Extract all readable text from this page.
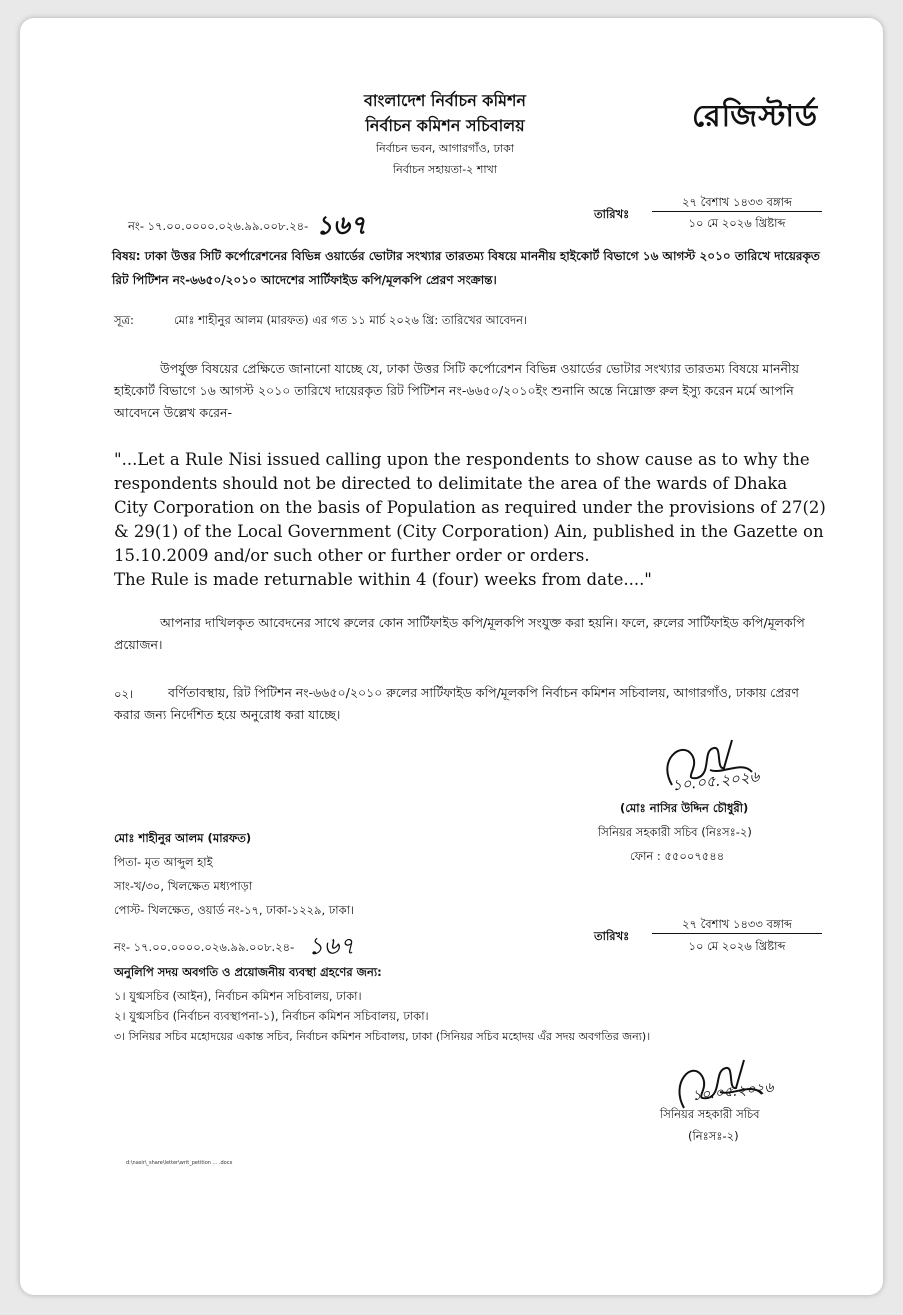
বাংলাদেশ নির্বাচন কমিশন
নির্বাচন কমিশন সচিবালয়
নির্বাচন ভবন, আগারগাঁও, ঢাকা
নির্বাচন সহায়তা-২ শাখা
রেজিস্টার্ড
নং- ১৭.০০.০০০০.০২৬.৯৯.০০৮.২৪- ১৬৭	তারিখঃ
২৭ বৈশাখ ১৪৩৩ বঙ্গাব্দ
১০ মে ২০২৬ খ্রিষ্টাব্দ
বিষয়: ঢাকা উত্তর সিটি কর্পোরেশনের বিভিন্ন ওয়ার্ডের ভোটার সংখ্যার তারতম্য বিষয়ে মাননীয় হাইকোর্ট বিভাগে ১৬ আগস্ট ২০১০ তারিখে দায়েরকৃত রিট পিটিশন নং-৬৬৫০/২০১০ আদেশের সার্টিফাইড কপি/মূলকপি প্রেরণ সংক্রান্ত।
সূত্র:	মোঃ শাহীনুর আলম (মারফত) এর গত ১১ মার্চ ২০২৬ খ্রি: তারিখের আবেদন।
উপর্যুক্ত বিষয়ের প্রেক্ষিতে জানানো যাচ্ছে যে, ঢাকা উত্তর সিটি কর্পোরেশন বিভিন্ন ওয়ার্ডের ভোটার সংখ্যার তারতম্য বিষয়ে মাননীয় হাইকোর্ট বিভাগে ১৬ আগস্ট ২০১০ তারিখে দায়েরকৃত রিট পিটিশন নং-৬৬৫০/২০১০ইং শুনানি অন্তে নিম্নোক্ত রুল ইস্যু করেন মর্মে আপনি আবেদনে উল্লেখ করেন-
"...Let a Rule Nisi issued calling upon the respondents to show cause as to why the respondents should not be directed to delimitate the area of the wards of Dhaka City Corporation on the basis of Population as required under the provisions of 27(2) & 29(1) of the Local Government (City Corporation) Ain, published in the Gazette on 15.10.2009 and/or such other or further order or orders.
The Rule is made returnable within 4 (four) weeks from date...."
আপনার দাখিলকৃত আবেদনের সাথে রুলের কোন সার্টিফাইড কপি/মূলকপি সংযুক্ত করা হয়নি। ফলে, রুলের সার্টিফাইড কপি/মূলকপি প্রয়োজন।
০২।	বর্ণিতাবস্থায়, রিট পিটিশন নং-৬৬৫০/২০১০ রুলের সার্টিফাইড কপি/মূলকপি নির্বাচন কমিশন সচিবালয়, আগারগাঁও, ঢাকায় প্রেরণ করার জন্য নির্দেশিত হয়ে অনুরোধ করা যাচ্ছে।
১০.০৫.২০২৬
(মোঃ নাসির উদ্দিন চৌধুরী)
সিনিয়র সহকারী সচিব (নিঃসঃ-২)
ফোন : ৫৫০০৭৫৪৪
মোঃ শাহীনুর আলম (মারফত)
পিতা- মৃত আব্দুল হাই
সাং-খ/৩০, খিলক্ষেত মধ্যপাড়া
পোস্ট- খিলক্ষেত, ওয়ার্ড নং-১৭, ঢাকা-১২২৯, ঢাকা।
নং- ১৭.০০.০০০০.০২৬.৯৯.০০৮.২৪- ১৬৭	তারিখঃ
২৭ বৈশাখ ১৪৩৩ বঙ্গাব্দ
১০ মে ২০২৬ খ্রিষ্টাব্দ
অনুলিপি সদয় অবগতি ও প্রয়োজনীয় ব্যবস্থা গ্রহণের জন্য:
১। যুগ্মসচিব (আইন), নির্বাচন কমিশন সচিবালয়, ঢাকা।
২। যুগ্মসচিব (নির্বাচন ব্যবস্থাপনা-১), নির্বাচন কমিশন সচিবালয়, ঢাকা।
৩। সিনিয়র সচিব মহোদয়ের একান্ত সচিব, নির্বাচন কমিশন সচিবালয়, ঢাকা (সিনিয়র সচিব মহোদয় এঁর সদয় অবগতির জন্য)।
১০.০৫.২০২৬
সিনিয়র সহকারী সচিব
(নিঃসঃ-২)
d:\nasir\_share\letter\writ_petition ... .docx
